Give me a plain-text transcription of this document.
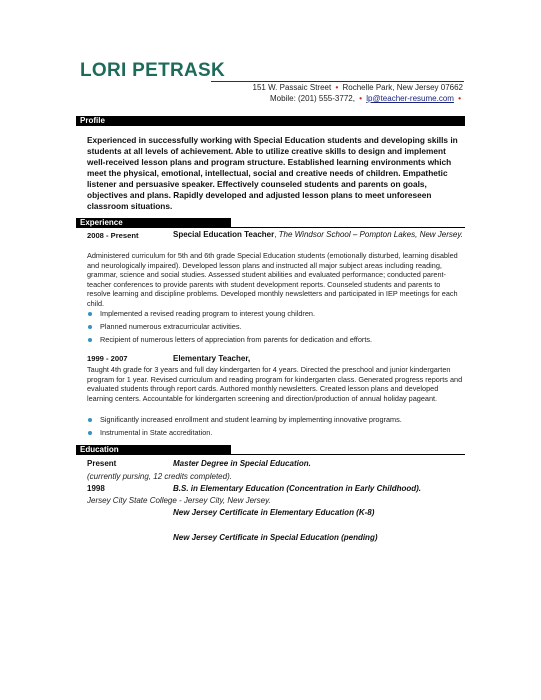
LORI PETRASK
151 W. Passaic Street • Rochelle Park, New Jersey 07662
Mobile: (201) 555-3772, • lp@teacher-resume.com •
Profile
Experienced in successfully working with Special Education students and developing skills in students at all levels of achievement. Able to utilize creative skills to design and implement well-received lesson plans and program structure. Established learning environments which meet the physical, emotional, intellectual, social and creative needs of children. Empathetic listener and persuasive speaker. Effectively counseled students and parents on goals, objectives and plans. Rapidly developed and adjusted lesson plans to meet unforeseen classroom situations.
Experience
2008 - Present	Special Education Teacher, The Windsor School – Pompton Lakes, New Jersey.
Administered curriculum for 5th and 6th grade Special Education students (emotionally disturbed, learning disabled and neurologically impaired). Developed lesson plans and instructed all major subject areas including reading, grammar, science and social studies. Assessed student abilities and evaluated performance; conducted parent-teacher conferences to provide parents with student development reports. Counseled students and parents to resolve learning and discipline problems. Developed monthly newsletters and participated in IEP meetings for each child.
Implemented a revised reading program to interest young children.
Planned numerous extracurricular activities.
Recipient of numerous letters of appreciation from parents for dedication and efforts.
1999 - 2007	Elementary Teacher,
Taught 4th grade for 3 years and full day kindergarten for 4 years. Directed the preschool and junior kindergarten program for 1 year. Revised curriculum and reading program for kindergarten class. Generated progress reports and evaluated students through report cards. Authored monthly newsletters. Created lesson plans and developed learning centers. Accountable for kindergarten screening and direction/production of annual holiday pageant.
Significantly increased enrollment and student learning by implementing innovative programs.
Instrumental in State accreditation.
Education
Present	Master Degree in Special Education.
(currently pursing, 12 credits completed).
1998	B.S. in Elementary Education (Concentration in Early Childhood).
Jersey City State College - Jersey City, New Jersey.
New Jersey Certificate in Elementary Education (K-8)
New Jersey Certificate in Special Education (pending)
